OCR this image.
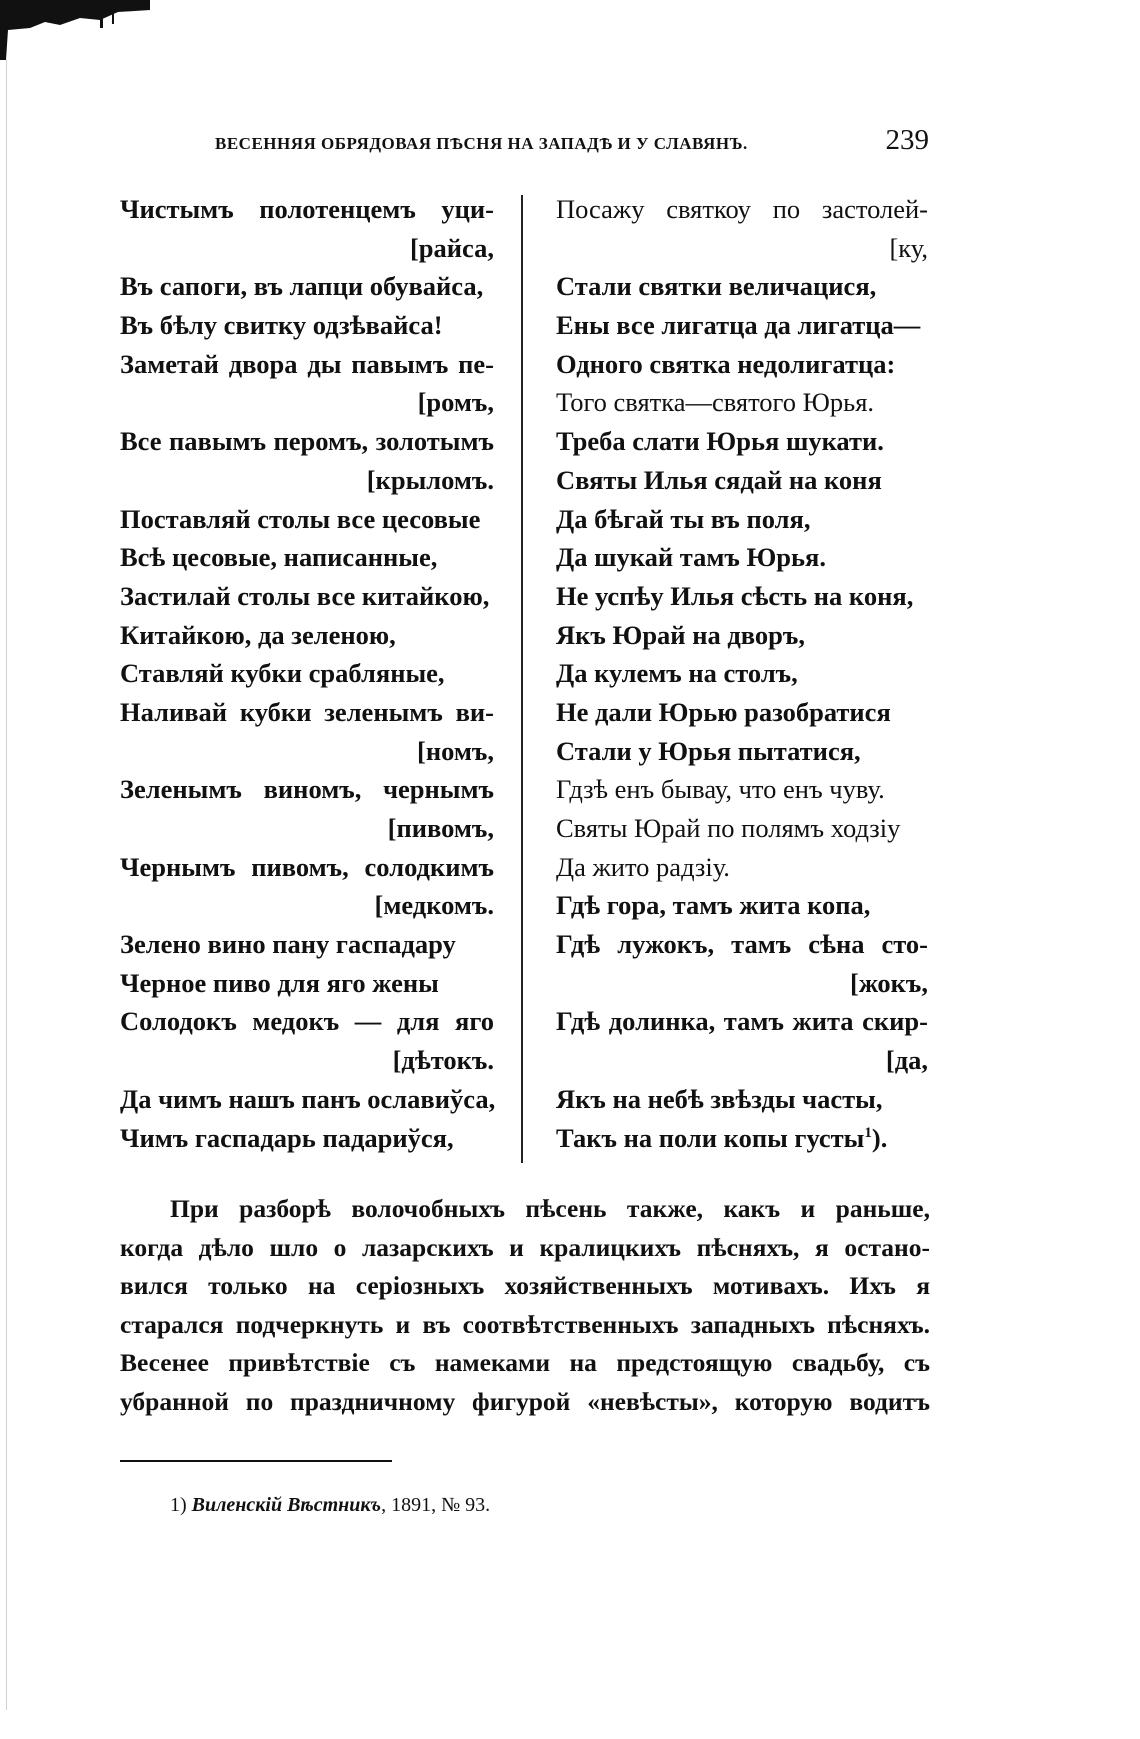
ВЕСЕННЯЯ ОБРЯДОВАЯ ПѢСНЯ НА ЗАПАДѢ И У СЛАВЯНЪ.	239
Чистымъ полотенцемъ уци-
[райса,
Въ сапоги, въ лапци обувайса,
Въ бѣлу свитку одзѣвайса!
Заметай двора ды павымъ пе-
[ромъ,
Все павымъ перомъ, золотымъ
[крыломъ.
Поставляй столы все цесовые
Всѣ цесовые, написанные,
Застилай столы все китайкою,
Китайкою, да зеленою,
Ставляй кубки срабляные,
Наливай кубки зеленымъ ви-
[номъ,
Зеленымъ виномъ, чернымъ
[пивомъ,
Чернымъ пивомъ, солодкимъ
[медкомъ.
Зелено вино пану гаспадару
Черное пиво для яго жены
Солодокъ медокъ — для яго
[дѣтокъ.
Да чимъ нашъ панъ ославиўса,
Чимъ гаспадарь падариўся,
Посажу святкоу по застолей-
[ку,
Стали святки величацися,
Ены все лигатца да лигатца—
Одного святка недолигатца:
Того святка—святого Юрья.
Треба слати Юрья шукати.
Святы Илья сядай на коня
Да бѣгай ты въ поля,
Да шукай тамъ Юрья.
Не успѣу Илья сѣсть на коня,
Якъ Юрай на дворъ,
Да кулемъ на столъ,
Не дали Юрью разобратися
Стали у Юрья пытатися,
Гдзѣ енъ бывау, что енъ чуву.
Святы Юрай по полямъ ходзіу
Да жито радзіу.
Гдѣ гора, тамъ жита копа,
Гдѣ лужокъ, тамъ сѣна сто-
[жокъ,
Гдѣ долинка, тамъ жита скир-
[да,
Якъ на небѣ звѣзды часты,
Такъ на поли копы густы$^1$).
При разборѣ волочобныхъ пѣсень также, какъ и раньше,
когда дѣло шло о лазарскихъ и кралицкихъ пѣсняхъ, я остано-
вился только на серіозныхъ хозяйственныхъ мотивахъ. Ихъ я
старался подчеркнуть и въ соотвѣтственныхъ западныхъ пѣсняхъ.
Весенее привѣтствіе съ намеками на предстоящую свадьбу, съ
убранной по праздничному фигурой «невѣсты», которую водитъ
1) Виленскій Вѣстникъ, 1891, № 93.
